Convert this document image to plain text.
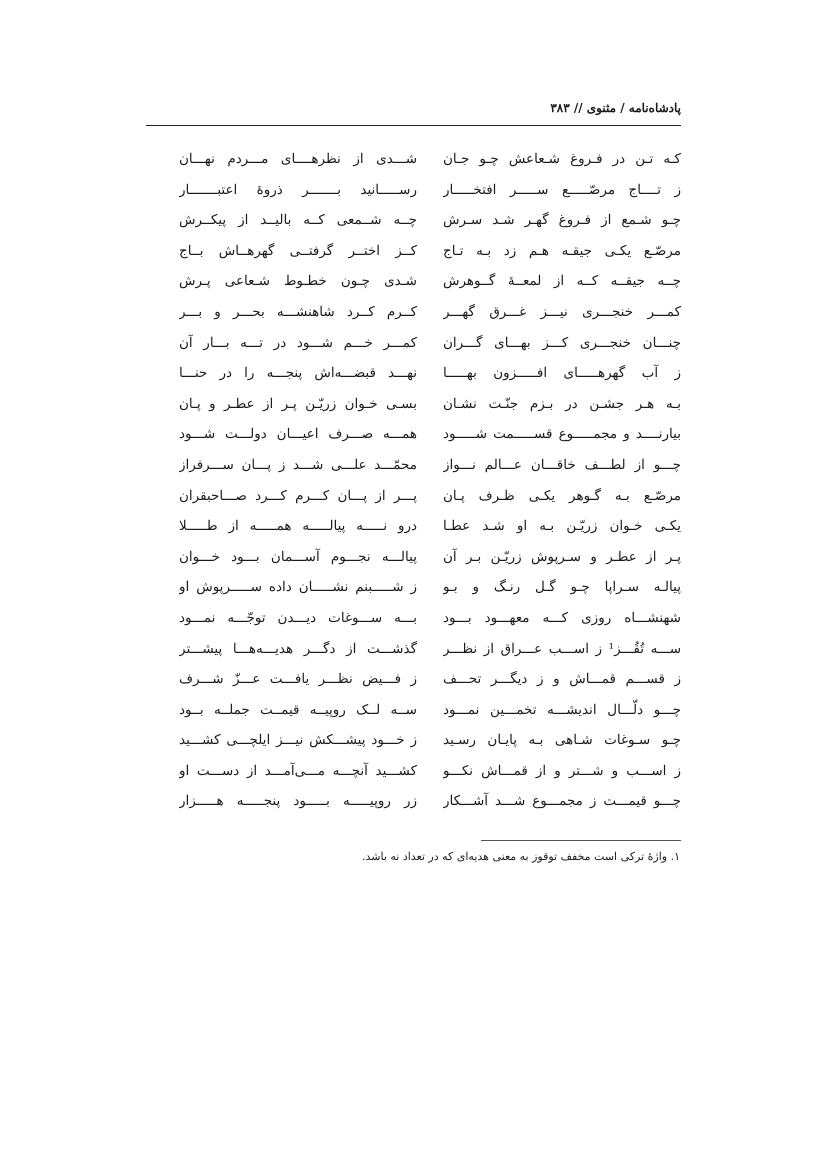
پادشاه‌نامه / مثنوی // ۳۸۳
کـه تـن در فـروغ شـعاعش چـو جـان
شـــدی از نظرهــــای مـــردم نهـــان
ز تــــاج مرصّـــــع ســـــر افتخـــــار
رســـــانید بـــــــر ذروهٔ اعتبـــــــار
چـو شـمع از فـروغ گهـر شـد سـرش
چــه شــمعی کــه بالیــد از پیکــرش
مرصّـع یکـی جیقـه هـم زد بـه تـاج
کــز اختــر گرفتــی گهرهــاش بــاج
چــه جیقــه کــه از لمعــهٔ گــوهرش
شـدی چـون خطـوط شـعاعی پـرش
کمـــر خنجـــری نیـــز غـــرق گهـــر
کــرم کــرد شاهنشـــه بحـــر و بـــر
چنـــان خنجـــری کـــز بهـــای گـــران
کمـــر خـــم شـــود در تـــه بـــار آن
ز آب گهرهـــــای افـــــزون بهـــــا
نهـــد قبضـــه‌اش پنجـــه را در حنـــا
بـه هـر جشـن در بـزم جنّـت نشـان
بسـی خـوان زریّـن پـر از عطـر و پـان
بیارنــــد و مجمـــــوع قســـــمت شـــــود
همـــه صـــرف اعیـــان دولـــت شـــود
چـــو از لطـــف خاقـــان عـــالم نـــواز
محمّـــد علـــی شـــد ز پـــان ســـرفراز
مرصّـع بـه گـوهر یکـی ظـرف پـان
پـــر از پـــان کـــرم کـــرد صـــاحبقران
یکـی خـوان زریّـن بـه او شـد عطـا
درو نـــــه پیالـــــه همـــــه از طـــــلا
پـر از عطـر و سـرپوش زریّـن بـر آن
پیالـــه نجـــوم آســـمان بـــود خـــوان
پیالـه سـراپا چـو گـل رنـگ و بـو
ز شـــــبنم نشـــــان داده ســـــرپوش او
شهنشـــاه روزی کـــه معهـــود بـــود
بـــه ســـوغات دیـــدن توجّـــه نمـــود
ســـه تُقُـــز¹ ز اســـب عـــراق از نظـــر
گذشـــت از دگـــر هدیـــه‌هـــا پیشـــتر
ز قســـم قمـــاش و ز دیگـــر تحـــف
ز فـــیض نظـــر یافـــت عـــزّ شـــرف
چـــو دلّـــال اندیشـــه تخمـــین نمـــود
ســه لــک روپیــه قیمــت جملــه بــود
چـو سـوغات شـاهی بـه پایـان رسـید
ز خـــود پیشـــکش نیـــز ایلچـــی کشـــید
ز اســـب و شـــتر و از قمـــاش نکـــو
کشـــید آنچـــه مـــی‌آمـــد از دســـت او
چـــو قیمـــت ز مجمـــوع شـــد آشـــکار
زر روپیـــــه بـــــود پنجـــــه هـــــزار
۱. واژهٔ ترکی است مخفف توقوز به معنی هدیه‌ای که در تعداد نه باشد.
